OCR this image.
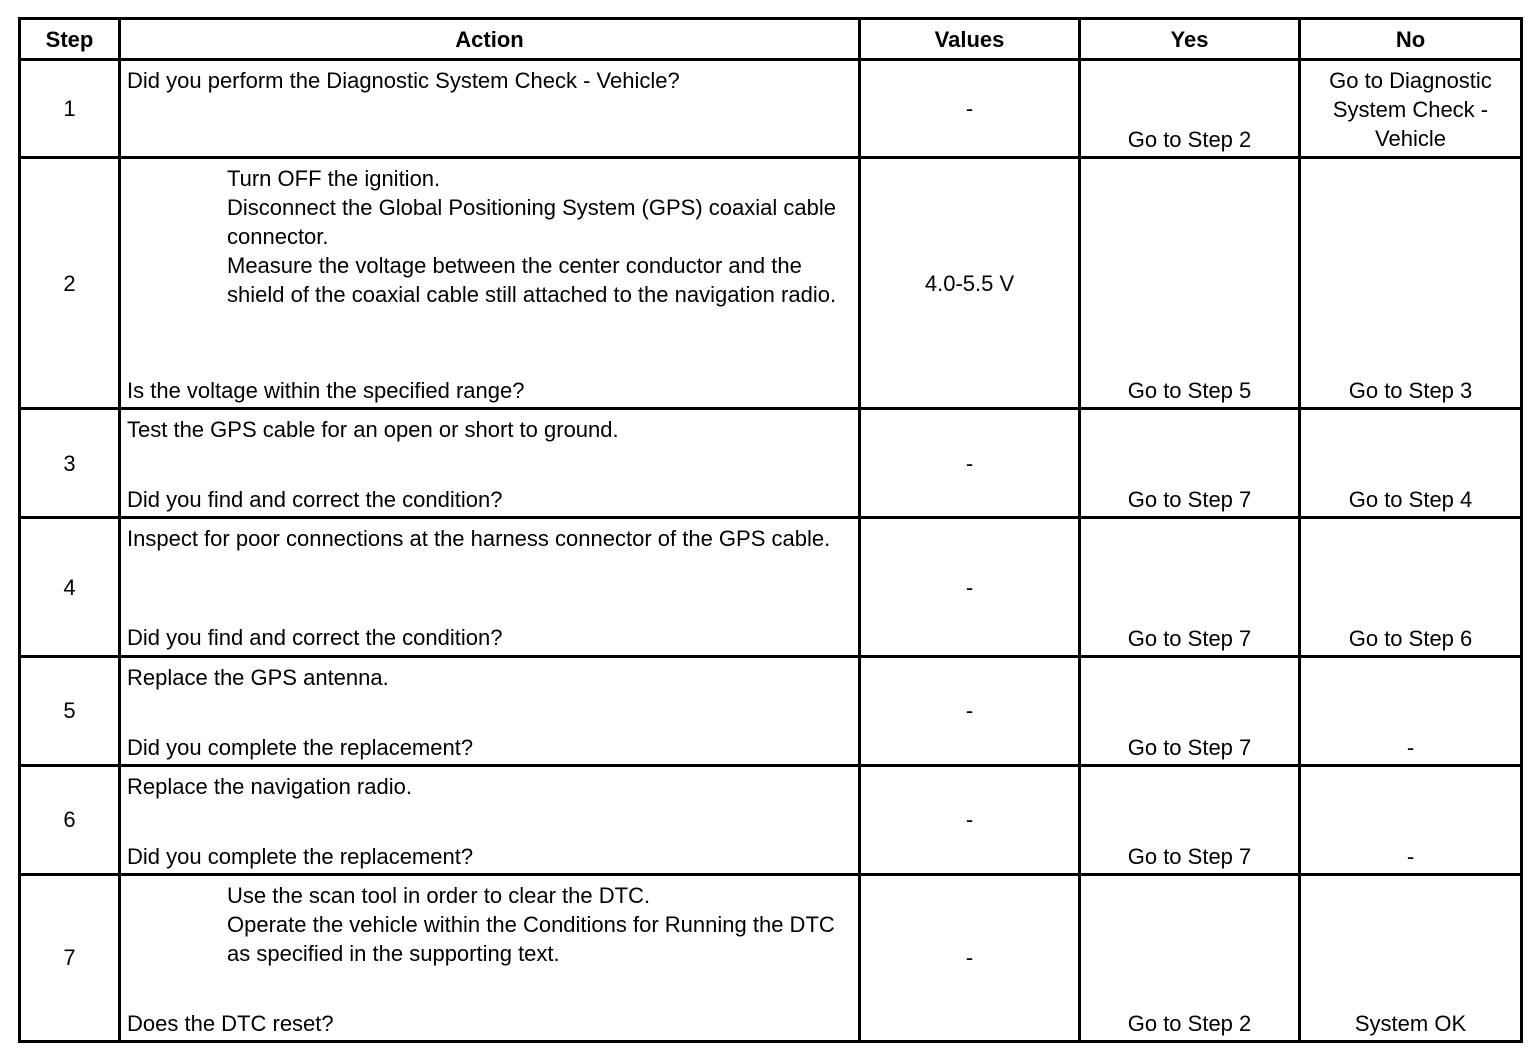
Step	Action	Values	Yes	No
1	Did you perform the Diagnostic System Check - Vehicle?	-	Go to Step 2	Go to Diagnostic System Check - Vehicle
2	Turn OFF the ignition.
Disconnect the Global Positioning System (GPS) coaxial cable connector.
Measure the voltage between the center conductor and the shield of the coaxial cable still attached to the navigation radio.
Is the voltage within the specified range?	4.0-5.5 V	Go to Step 5	Go to Step 3
3	Test the GPS cable for an open or short to ground.
Did you find and correct the condition?	-	Go to Step 7	Go to Step 4
4	Inspect for poor connections at the harness connector of the GPS cable.
Did you find and correct the condition?	-	Go to Step 7	Go to Step 6
5	Replace the GPS antenna.
Did you complete the replacement?	-	Go to Step 7	-
6	Replace the navigation radio.
Did you complete the replacement?	-	Go to Step 7	-
7	Use the scan tool in order to clear the DTC.
Operate the vehicle within the Conditions for Running the DTC as specified in the supporting text.
Does the DTC reset?	-	Go to Step 2	System OK
